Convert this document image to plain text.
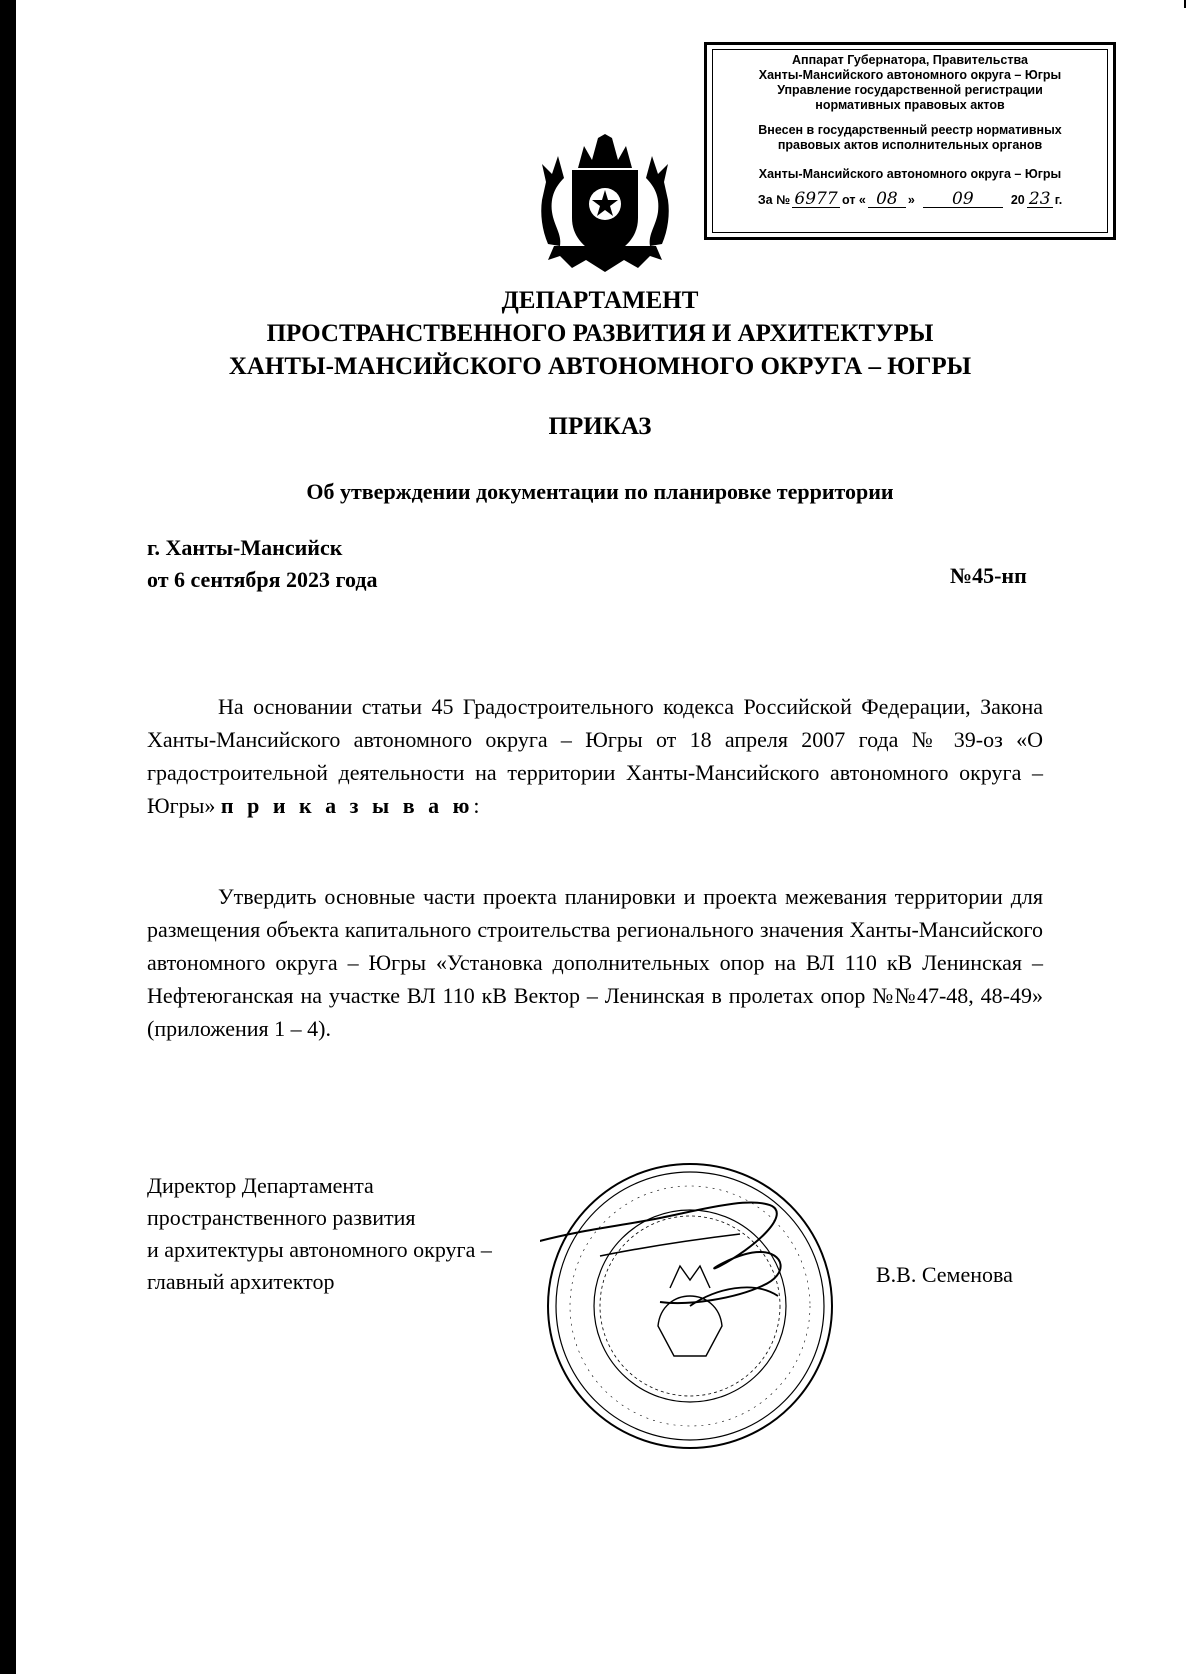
Аппарат Губернатора, Правительства
Ханты-Мансийского автономного округа – Югры
Управление государственной регистрации
нормативных правовых актов
Внесен в государственный реестр нормативных
правовых актов исполнительных органов
Ханты-Мансийского автономного округа – Югры
За № 6977 от « 08 »	09	20 23 г.
ДЕПАРТАМЕНТ
ПРОСТРАНСТВЕННОГО РАЗВИТИЯ И АРХИТЕКТУРЫ
ХАНТЫ-МАНСИЙСКОГО АВТОНОМНОГО ОКРУГА – ЮГРЫ
ПРИКАЗ
Об утверждении документации по планировке территории
г. Ханты-Мансийск
от 6 сентября 2023 года	№45-нп
На основании статьи 45 Градостроительного кодекса Российской Федерации, Закона Ханты-Мансийского автономного округа – Югры от 18 апреля 2007 года № 39-оз «О градостроительной деятельности на территории Ханты-Мансийского автономного округа – Югры» п р и к а з ы в а ю:
Утвердить основные части проекта планировки и проекта межевания территории для размещения объекта капитального строительства регионального значения Ханты-Мансийского автономного округа – Югры «Установка дополнительных опор на ВЛ 110 кВ Ленинская – Нефтеюганская на участке ВЛ 110 кВ Вектор – Ленинская в пролетах опор №№47-48, 48-49» (приложения 1 – 4).
Директор Департамента
пространственного развития
и архитектуры автономного округа –
главный архитектор	В.В. Семенова
